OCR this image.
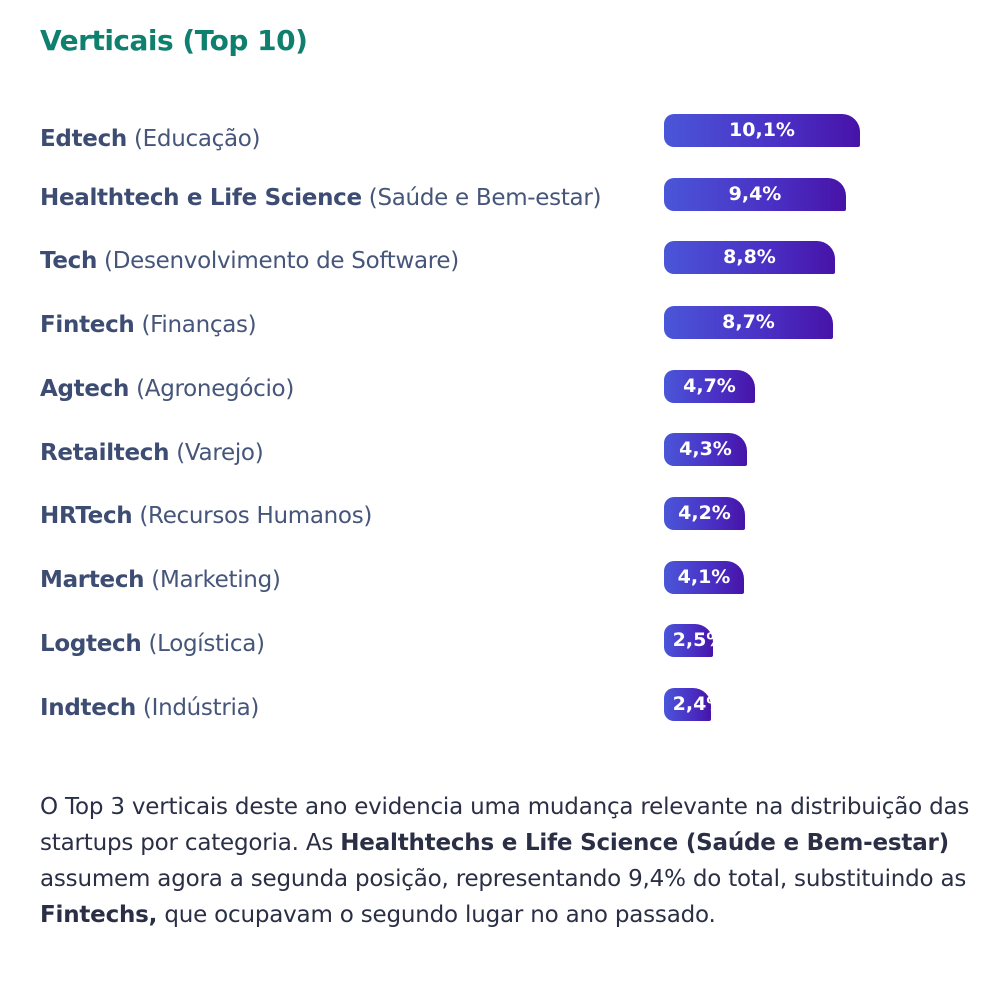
Verticais (Top 10)
Edtech (Educação)	10,1%
Healthtech e Life Science (Saúde e Bem-estar)	9,4%
Tech (Desenvolvimento de Software)	8,8%
Fintech (Finanças)	8,7%
Agtech (Agronegócio)	4,7%
Retailtech (Varejo)	4,3%
HRTech (Recursos Humanos)	4,2%
Martech (Marketing)	4,1%
Logtech (Logística)	2,5%
Indtech (Indústria)	2,4%
O Top 3 verticais deste ano evidencia uma mudança relevante na distribuição das startups por categoria. As Healthtechs e Life Science (Saúde e Bem-estar) assumem agora a segunda posição, representando 9,4% do total, substituindo as Fintechs, que ocupavam o segundo lugar no ano passado.
